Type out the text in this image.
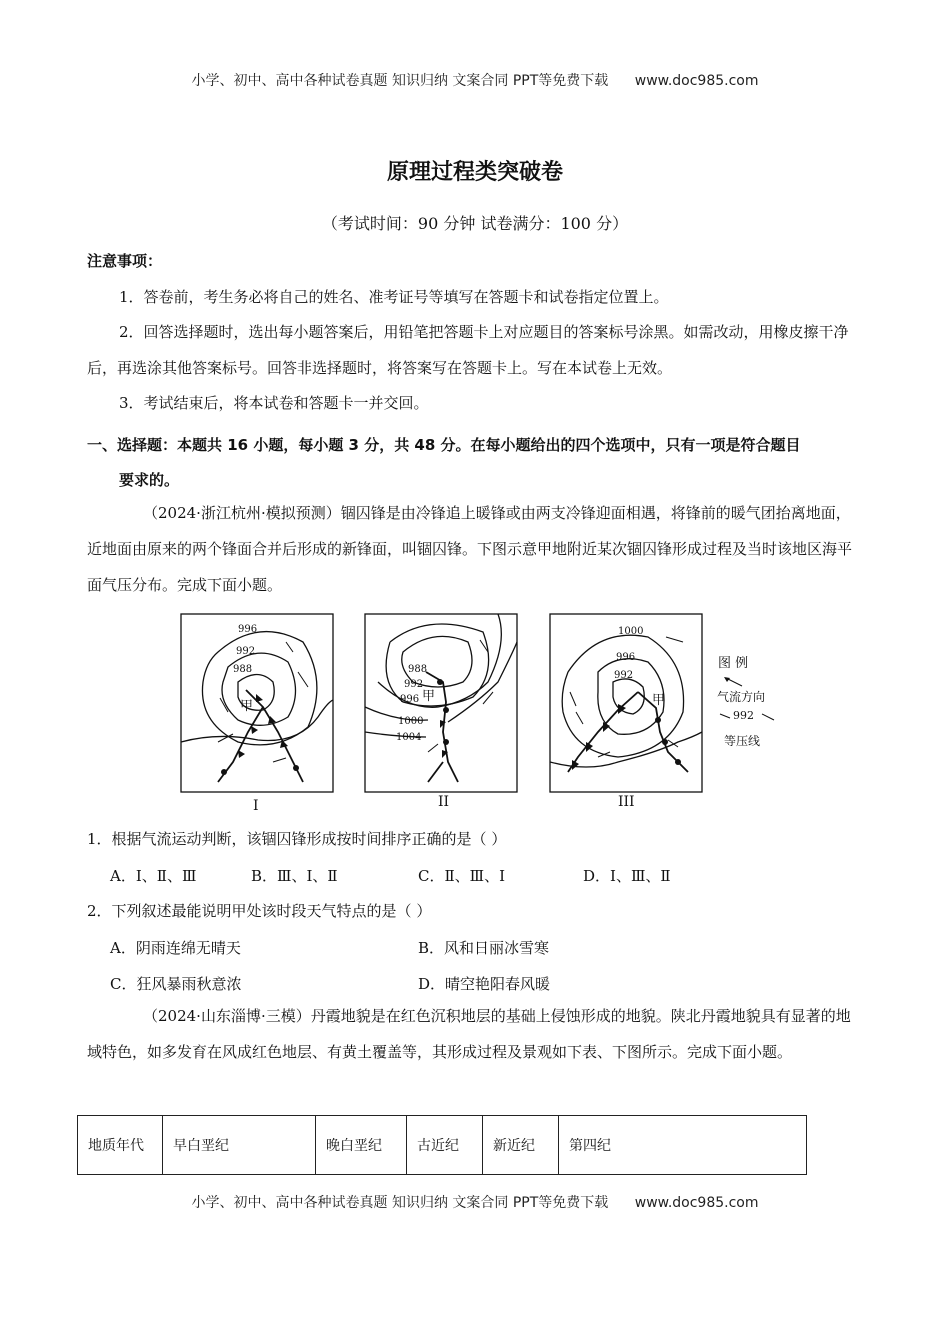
小学、初中、高中各种试卷真题 知识归纳 文案合同 PPT等免费下载 www.doc985.com
原理过程类突破卷
（考试时间：90 分钟 试卷满分：100 分）
注意事项：
1．答卷前，考生务必将自己的姓名、准考证号等填写在答题卡和试卷指定位置上。
2．回答选择题时，选出每小题答案后，用铅笔把答题卡上对应题目的答案标号涂黑。如需改动，用橡皮擦干净后，再选涂其他答案标号。回答非选择题时，将答案写在答题卡上。写在本试卷上无效。
3．考试结束后，将本试卷和答题卡一并交回。
一、选择题：本题共 16 小题，每小题 3 分，共 48 分。在每小题给出的四个选项中，只有一项是符合题目
要求的。
（2024·浙江杭州·模拟预测）锢囚锋是由冷锋追上暖锋或由两支冷锋迎面相遇，将锋前的暖气团抬离地面，近地面由原来的两个锋面合并后形成的新锋面，叫锢囚锋。下图示意甲地附近某次锢囚锋形成过程及当时该地区海平面气压分布。完成下面小题。
996
992
988
甲
988
992
996
1000
1004
甲
1000
996
992
甲
I	II	III
图 例
气流方向
992
等压线
1．根据气流运动判断，该锢囚锋形成按时间排序正确的是（ ）
A．Ⅰ、Ⅱ、Ⅲ	B．Ⅲ、Ⅰ、Ⅱ	C．Ⅱ、Ⅲ、Ⅰ	D．Ⅰ、Ⅲ、Ⅱ
2．下列叙述最能说明甲处该时段天气特点的是（ ）
A．阴雨连绵无晴天	B．风和日丽冰雪寒
C．狂风暴雨秋意浓	D．晴空艳阳春风暖
（2024·山东淄博·三模）丹霞地貌是在红色沉积地层的基础上侵蚀形成的地貌。陕北丹霞地貌具有显著的地域特色，如多发育在风成红色地层、有黄土覆盖等，其形成过程及景观如下表、下图所示。完成下面小题。
地质年代	早白垩纪	晚白垩纪	古近纪	新近纪	第四纪
小学、初中、高中各种试卷真题 知识归纳 文案合同 PPT等免费下载 www.doc985.com
